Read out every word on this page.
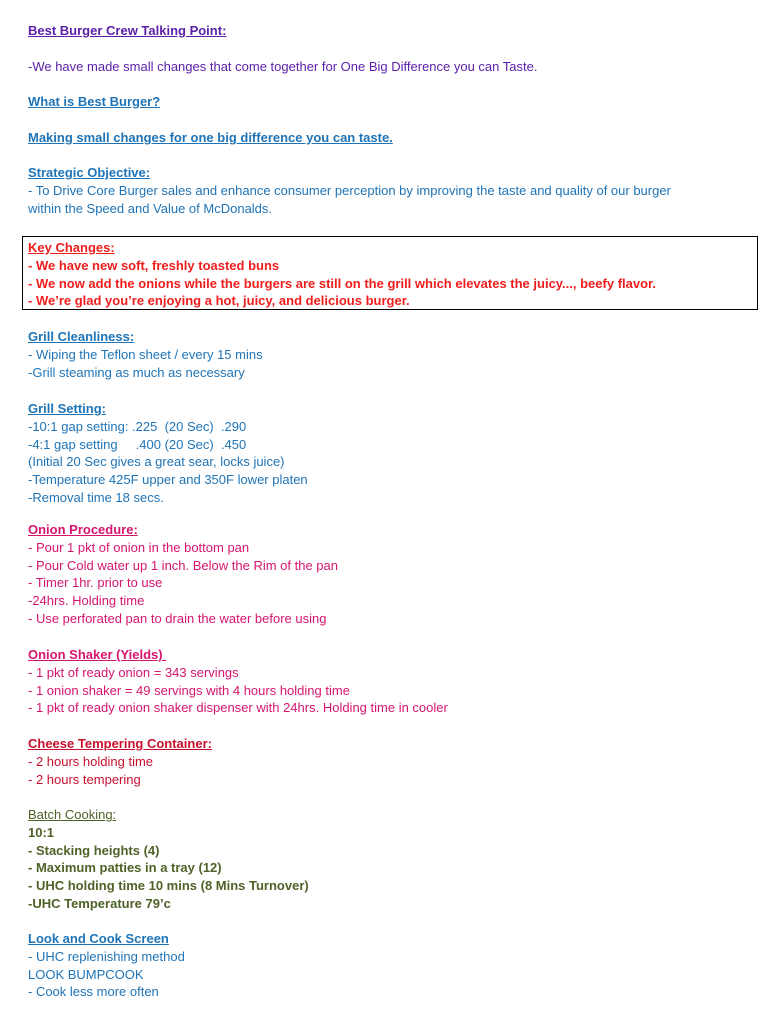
Best Burger Crew Talking Point:
-We have made small changes that come together for One Big Difference you can Taste.
What is Best Burger?
Making small changes for one big difference you can taste.
Strategic Objective:
- To Drive Core Burger sales and enhance consumer perception by improving the taste and quality of our burger
within the Speed and Value of McDonalds.
Key Changes:
- We have new soft, freshly toasted buns
- We now add the onions while the burgers are still on the grill which elevates the juicy..., beefy flavor.
- We’re glad you’re enjoying a hot, juicy, and delicious burger.
Grill Cleanliness:
- Wiping the Teflon sheet / every 15 mins
-Grill steaming as much as necessary
Grill Setting:
-10:1 gap setting: .225  (20 Sec)  .290
-4:1 gap setting     .400 (20 Sec)  .450
(Initial 20 Sec gives a great sear, locks juice)
-Temperature 425F upper and 350F lower platen
-Removal time 18 secs.
Onion Procedure:
- Pour 1 pkt of onion in the bottom pan
- Pour Cold water up 1 inch. Below the Rim of the pan
- Timer 1hr. prior to use
-24hrs. Holding time
- Use perforated pan to drain the water before using
Onion Shaker (Yields)
- 1 pkt of ready onion = 343 servings
- 1 onion shaker = 49 servings with 4 hours holding time
- 1 pkt of ready onion shaker dispenser with 24hrs. Holding time in cooler
Cheese Tempering Container:
- 2 hours holding time
- 2 hours tempering
Batch Cooking:
10:1
- Stacking heights (4)
- Maximum patties in a tray (12)
- UHC holding time 10 mins (8 Mins Turnover)
-UHC Temperature 79’c
Look and Cook Screen
- UHC replenishing method
LOOK BUMPCOOK
- Cook less more often
